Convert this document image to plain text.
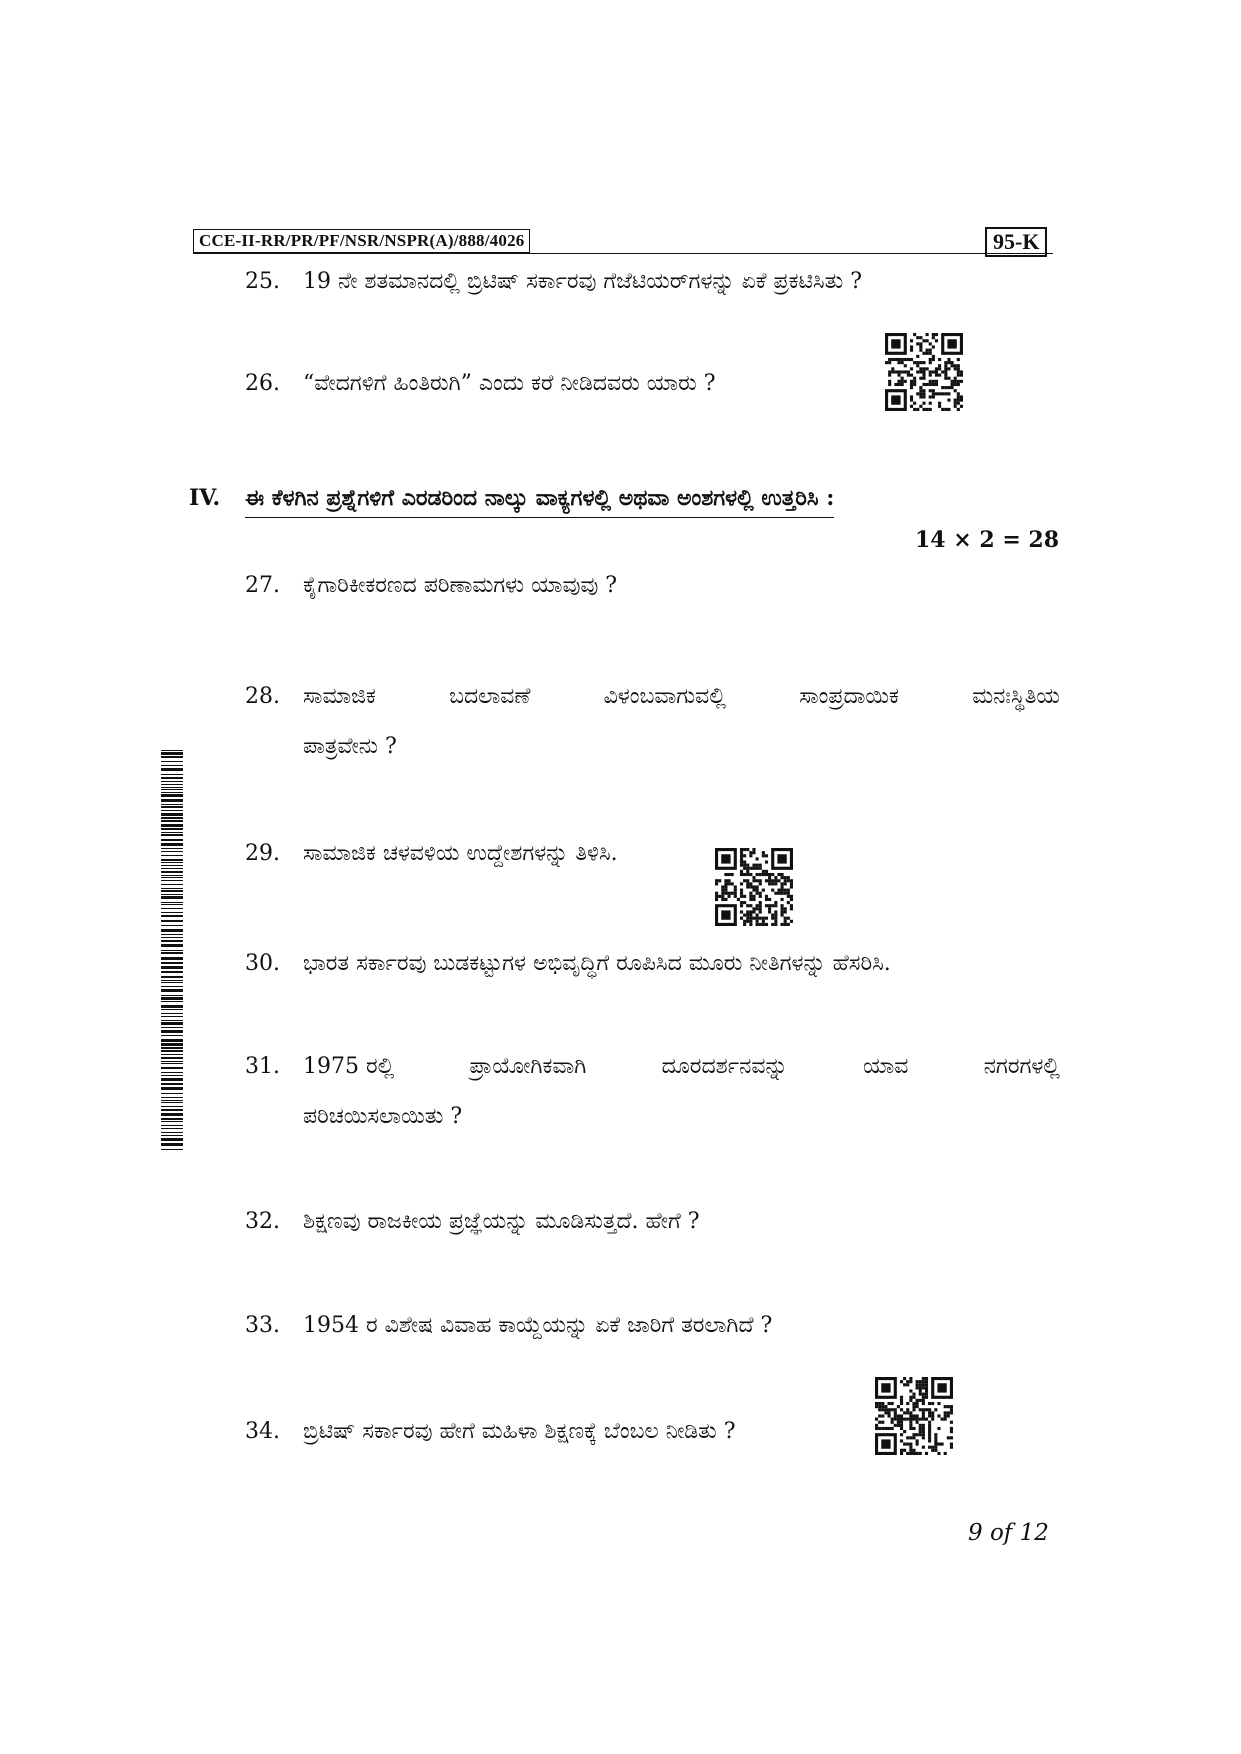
CCE-II-RR/PR/PF/NSR/NSPR(A)/888/4026	95-K
25. 19 ನೇ ಶತಮಾನದಲ್ಲಿ ಬ್ರಿಟಿಷ್ ಸರ್ಕಾರವು ಗೆಜೆಟಿಯರ್‌ಗಳನ್ನು ಏಕೆ ಪ್ರಕಟಿಸಿತು ?
26. “ವೇದಗಳಿಗೆ ಹಿಂತಿರುಗಿ” ಎಂದು ಕರೆ ನೀಡಿದವರು ಯಾರು ?
IV. ಈ ಕೆಳಗಿನ ಪ್ರಶ್ನೆಗಳಿಗೆ ಎರಡರಿಂದ ನಾಲ್ಕು ವಾಕ್ಯಗಳಲ್ಲಿ ಅಥವಾ ಅಂಶಗಳಲ್ಲಿ ಉತ್ತರಿಸಿ :
14 × 2 = 28
27. ಕೈಗಾರಿಕೀಕರಣದ ಪರಿಣಾಮಗಳು ಯಾವುವು ?
28. ಸಾಮಾಜಿಕ	ಬದಲಾವಣೆ	ವಿಳಂಬವಾಗುವಲ್ಲಿ	ಸಾಂಪ್ರದಾಯಿಕ	ಮನಃಸ್ಥಿತಿಯ
ಪಾತ್ರವೇನು ?
29. ಸಾಮಾಜಿಕ ಚಳವಳಿಯ ಉದ್ದೇಶಗಳನ್ನು ತಿಳಿಸಿ.
30. ಭಾರತ ಸರ್ಕಾರವು ಬುಡಕಟ್ಟುಗಳ ಅಭಿವೃದ್ಧಿಗೆ ರೂಪಿಸಿದ ಮೂರು ನೀತಿಗಳನ್ನು ಹೆಸರಿಸಿ.
31. 1975 ರಲ್ಲಿ	ಪ್ರಾಯೋಗಿಕವಾಗಿ	ದೂರದರ್ಶನವನ್ನು	ಯಾವ	ನಗರಗಳಲ್ಲಿ
ಪರಿಚಯಿಸಲಾಯಿತು ?
32. ಶಿಕ್ಷಣವು ರಾಜಕೀಯ ಪ್ರಜ್ಞೆಯನ್ನು ಮೂಡಿಸುತ್ತದೆ. ಹೇಗೆ ?
33. 1954 ರ ವಿಶೇಷ ವಿವಾಹ ಕಾಯ್ದೆಯನ್ನು ಏಕೆ ಜಾರಿಗೆ ತರಲಾಗಿದೆ ?
34. ಬ್ರಿಟಿಷ್ ಸರ್ಕಾರವು ಹೇಗೆ ಮಹಿಳಾ ಶಿಕ್ಷಣಕ್ಕೆ ಬೆಂಬಲ ನೀಡಿತು ?
9 of 12
